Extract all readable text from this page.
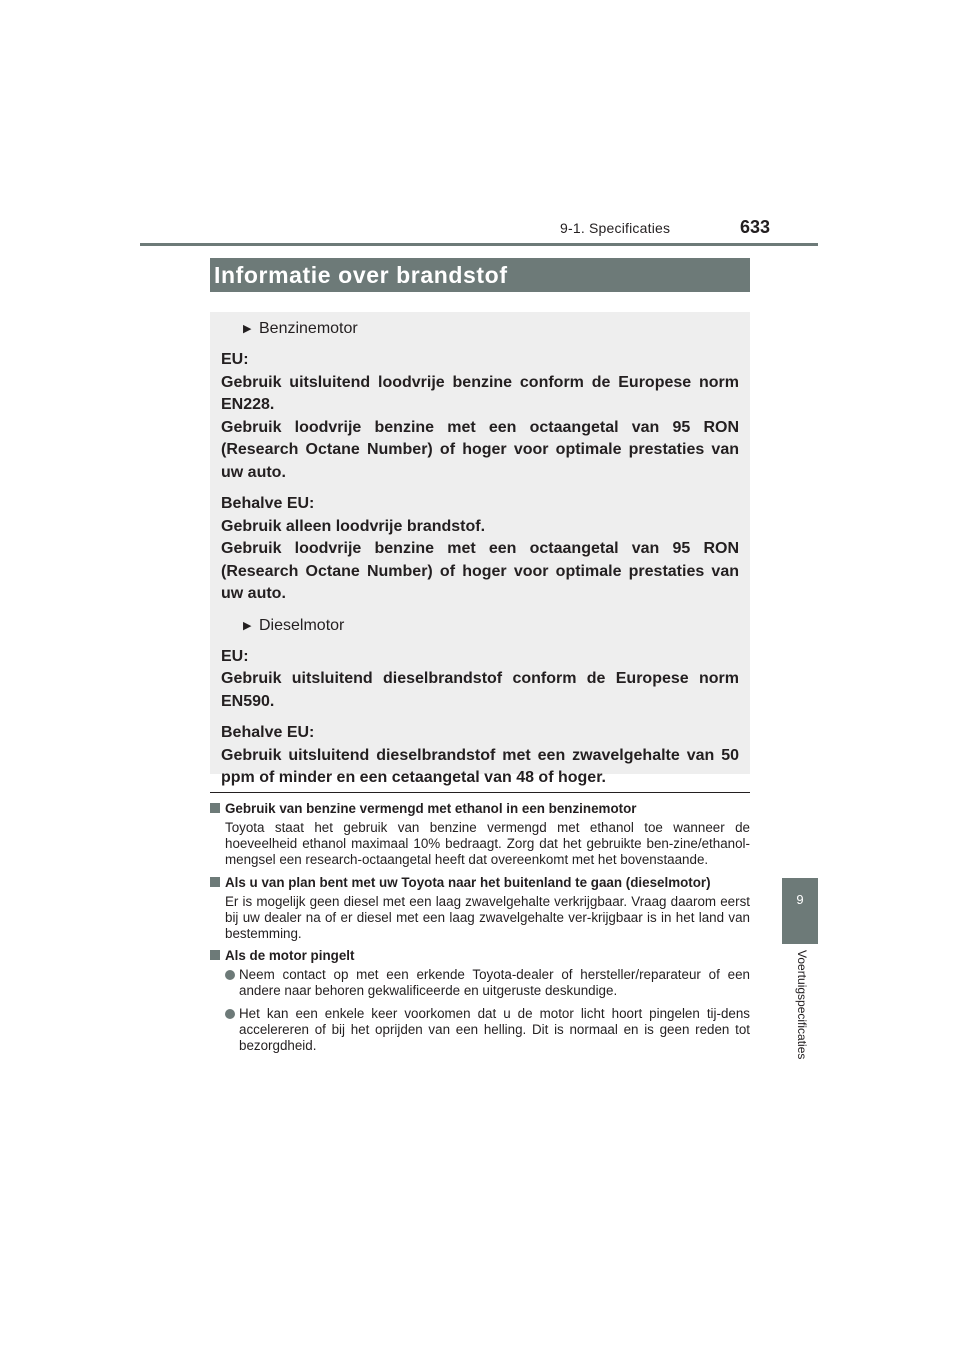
9-1. Specificaties	633
9
Voertuigspecificaties
Informatie over brandstof
▶ Benzinemotor

EU:

Gebruik uitsluitend loodvrije benzine conform de Europese norm EN228.

Gebruik loodvrije benzine met een octaangetal van 95 RON (Research Octane Number) of hoger voor optimale prestaties van uw auto.

Behalve EU:

Gebruik alleen loodvrije brandstof.

Gebruik loodvrije benzine met een octaangetal van 95 RON (Research Octane Number) of hoger voor optimale prestaties van uw auto.

▶ Dieselmotor

EU:

Gebruik uitsluitend dieselbrandstof conform de Europese norm EN590.

Behalve EU:

Gebruik uitsluitend dieselbrandstof met een zwavelgehalte van 50 ppm of minder en een cetaangetal van 48 of hoger.

Gebruik van benzine vermengd met ethanol in een benzinemotor

Toyota staat het gebruik van benzine vermengd met ethanol toe wanneer de hoeveelheid ethanol maximaal 10% bedraagt. Zorg dat het gebruikte ben-zine/ethanol-mengsel een research-octaangetal heeft dat overeenkomt met het bovenstaande.

Als u van plan bent met uw Toyota naar het buitenland te gaan (dieselmotor)

Er is mogelijk geen diesel met een laag zwavelgehalte verkrijgbaar. Vraag daarom eerst bij uw dealer na of er diesel met een laag zwavelgehalte ver-krijgbaar is in het land van bestemming.

Als de motor pingelt

Neem contact op met een erkende Toyota-dealer of hersteller/reparateur of een andere naar behoren gekwalificeerde en uitgeruste deskundige.
Het kan een enkele keer voorkomen dat u de motor licht hoort pingelen tij-dens accelereren of bij het oprijden van een helling. Dit is normaal en is geen reden tot bezorgdheid.
